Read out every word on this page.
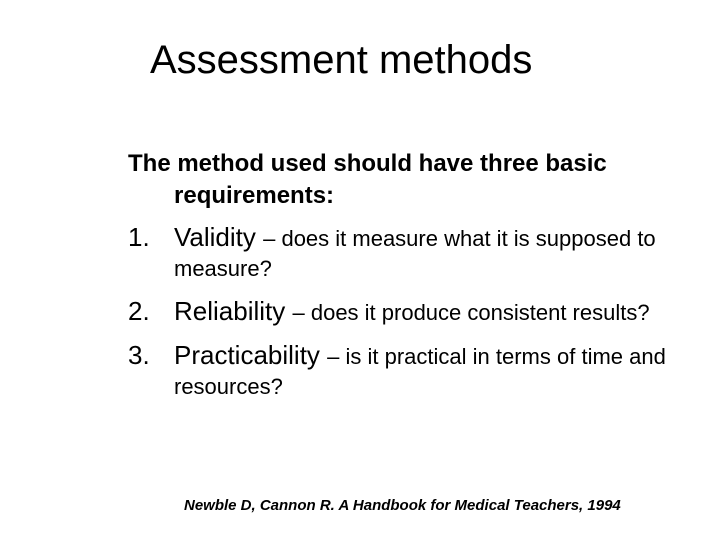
Assessment methods

The method used should have three basic requirements:

1. Validity – does it measure what it is supposed to measure?
2. Reliability – does it produce consistent results?
3. Practicability – is it practical in terms of time and resources?
Newble D, Cannon R. A Handbook for Medical Teachers, 1994
